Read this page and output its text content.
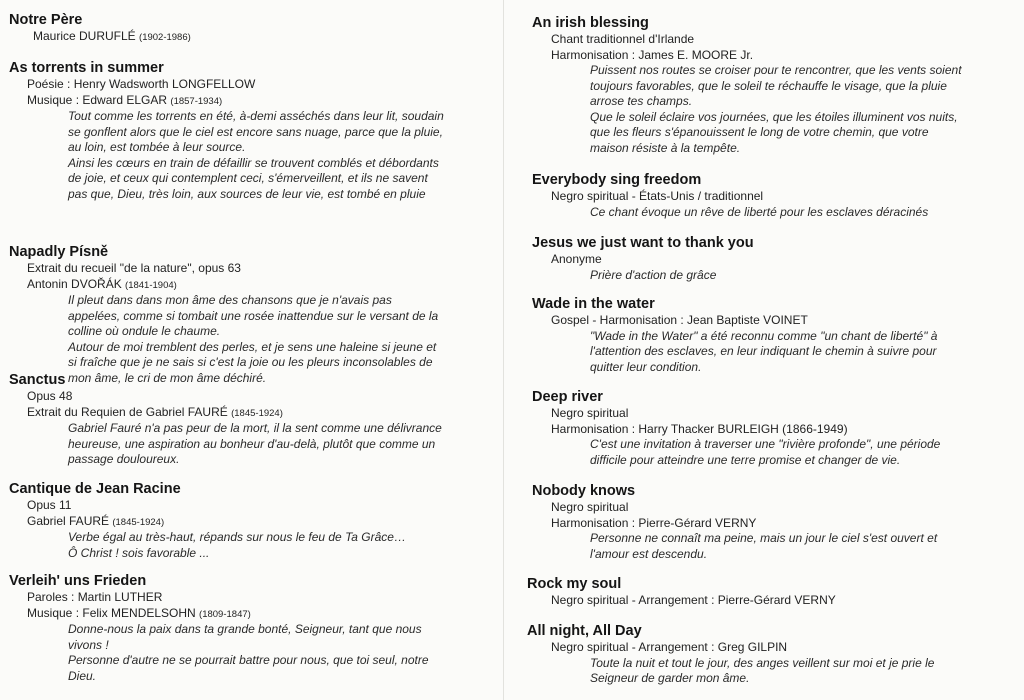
Notre Père
Maurice DURUFLÉ (1902-1986)
As torrents in summer
Poésie : Henry Wadsworth LONGFELLOW
Musique : Edward ELGAR (1857-1934)
Tout comme les torrents en été, à-demi asséchés dans leur lit, soudain
se gonflent alors que le ciel est encore sans nuage, parce que la pluie,
au loin, est tombée à leur source.
Ainsi les cœurs en train de défaillir se trouvent comblés et débordants
de joie, et ceux qui contemplent ceci, s'émerveillent, et ils ne savent
pas que, Dieu, très loin, aux sources de leur vie, est tombé en pluie
Napadly Písně
Extrait du recueil "de la nature", opus 63
Antonin DVOŘÁK (1841-1904)
Il pleut dans dans mon âme des chansons que je n'avais pas
appelées, comme si tombait une rosée inattendue sur le versant de la
colline où ondule le chaume.
Autour de moi tremblent des perles, et je sens une haleine si jeune et
si fraîche que je ne sais si c'est la joie ou les pleurs inconsolables de
mon âme, le cri de mon âme déchiré.
Sanctus
Opus 48
Extrait du Requien de Gabriel FAURÉ (1845-1924)
Gabriel Fauré n'a pas peur de la mort, il la sent comme une délivrance
heureuse, une aspiration au bonheur d'au-delà, plutôt que comme un
passage douloureux.
Cantique de Jean Racine
Opus 11
Gabriel FAURÉ (1845-1924)
Verbe égal au très-haut, répands sur nous le feu de Ta Grâce…
Ô Christ ! sois favorable ...
Verleih' uns Frieden
Paroles : Martin LUTHER
Musique : Felix MENDELSOHN (1809-1847)
Donne-nous la paix dans ta grande bonté, Seigneur, tant que nous
vivons !
Personne d'autre ne se pourrait battre pour nous, que toi seul, notre
Dieu.
An irish blessing
Chant traditionnel d'Irlande
Harmonisation : James E. MOORE Jr.
Puissent nos routes se croiser pour te rencontrer, que les vents soient
toujours favorables, que le soleil te réchauffe le visage, que la pluie
arrose tes champs.
Que le soleil éclaire vos journées, que les étoiles illuminent vos nuits,
que les fleurs s'épanouissent le long de votre chemin, que votre
maison résiste à la tempête.
Everybody sing freedom
Negro spiritual - États-Unis / traditionnel
Ce chant évoque un rêve de liberté pour les esclaves déracinés
Jesus we just want to thank you
Anonyme
Prière d'action de grâce
Wade in the water
Gospel - Harmonisation : Jean Baptiste VOINET
"Wade in the Water" a été reconnu comme "un chant de liberté" à
l'attention des esclaves, en leur indiquant le chemin à suivre pour
quitter leur condition.
Deep river
Negro spiritual
Harmonisation : Harry Thacker BURLEIGH (1866-1949)
C'est une invitation à traverser une "rivière profonde", une période
difficile pour atteindre une terre promise et changer de vie.
Nobody knows
Negro spiritual
Harmonisation : Pierre-Gérard VERNY
Personne ne connaît ma peine, mais un jour le ciel s'est ouvert et
l'amour est descendu.
Rock my soul
Negro spiritual - Arrangement : Pierre-Gérard VERNY
All night, All Day
Negro spiritual - Arrangement : Greg GILPIN
Toute la nuit et tout le jour, des anges veillent sur moi et je prie le
Seigneur de garder mon âme.
